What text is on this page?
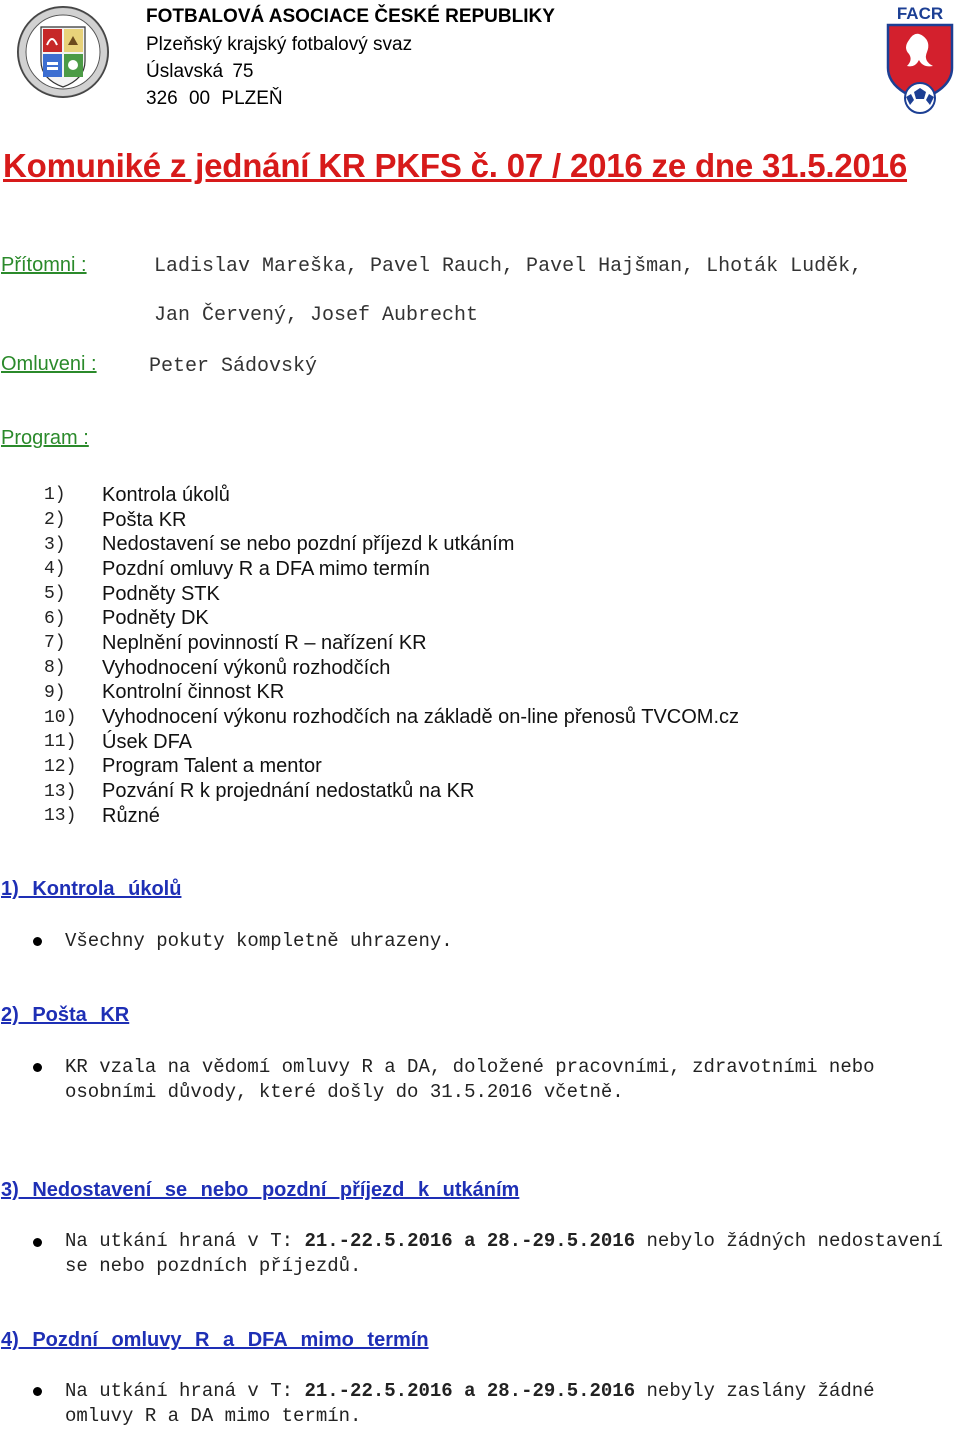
FOTBALOVÁ ASOCIACE ČESKÉ REPUBLIKY
Plzeňský krajský fotbalový svaz
Úslavská 75
326 00 PLZEŇ
FACR
Komuniké z jednání KR PKFS č. 07 / 2016 ze dne 31.5.2016
Přítomni :	Ladislav Mareška, Pavel Rauch, Pavel Hajšman, Lhoták Luděk,
Jan Červený, Josef Aubrecht
Omluveni :	Peter Sádovský
Program :
1)	Kontrola úkolů
2)	Pošta KR
3)	Nedostavení se nebo pozdní příjezd k utkáním
4)	Pozdní omluvy R a DFA mimo termín
5)	Podněty STK
6)	Podněty DK
7)	Neplnění povinností R – nařízení KR
8)	Vyhodnocení výkonů rozhodčích
9)	Kontrolní činnost KR
10)	Vyhodnocení výkonu rozhodčích na základě on-line přenosů TVCOM.cz
11)	Úsek DFA
12)	Program Talent a mentor
13)	Pozvání R k projednání nedostatků na KR
13)	Různé
1) Kontrola úkolů
Všechny pokuty kompletně uhrazeny.
2) Pošta KR
KR vzala na vědomí omluvy R a DA, doložené pracovními, zdravotními nebo osobními důvody, které došly do 31.5.2016 včetně.
3) Nedostavení se nebo pozdní příjezd k utkáním
Na utkání hraná v T: 21.-22.5.2016 a 28.-29.5.2016 nebylo žádných nedostavení se nebo pozdních příjezdů.
4) Pozdní omluvy R a DFA mimo termín
Na utkání hraná v T: 21.-22.5.2016 a 28.-29.5.2016 nebyly zaslány žádné omluvy R a DA mimo termín.
